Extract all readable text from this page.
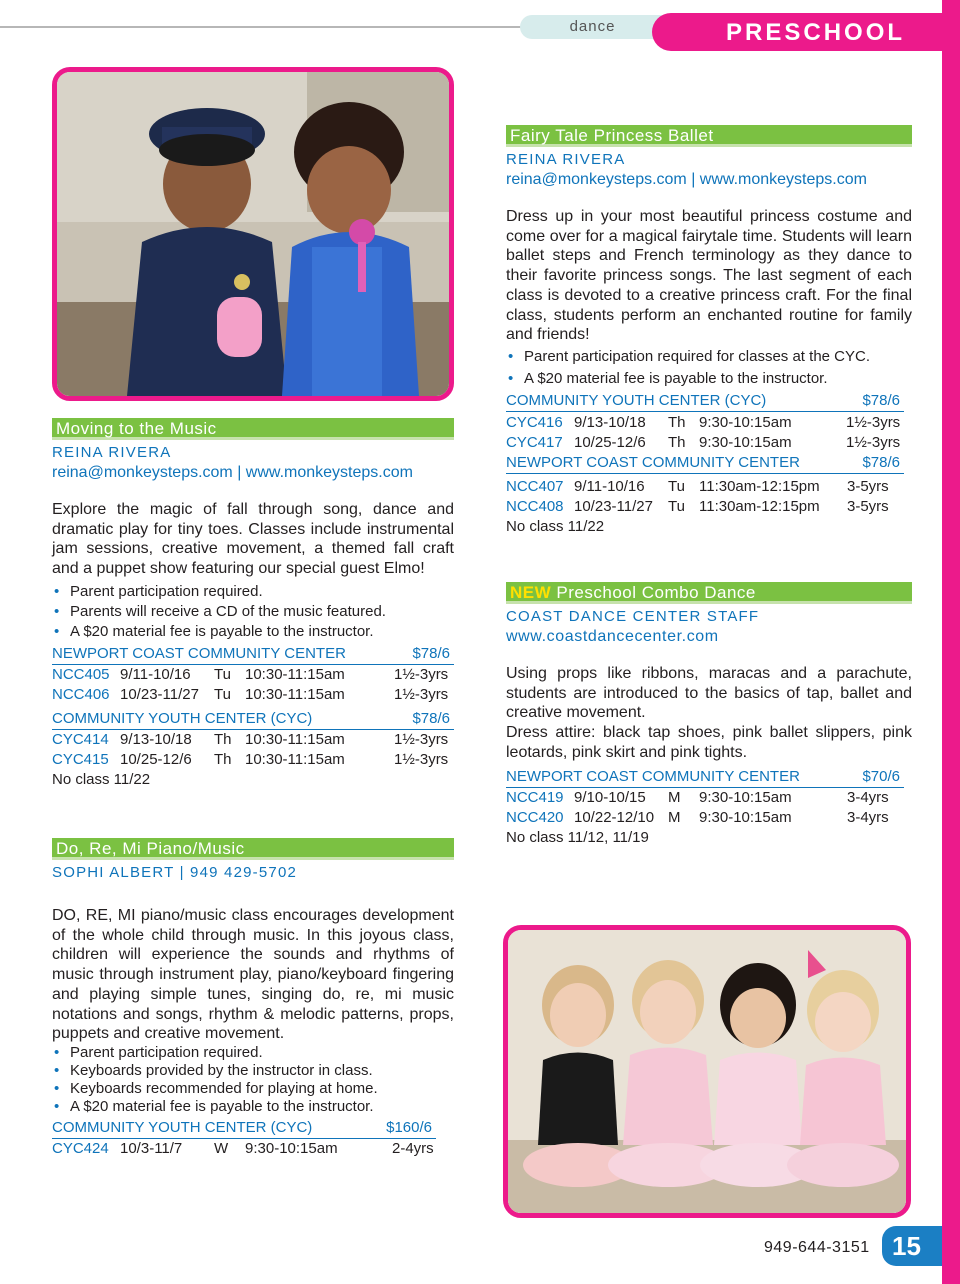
dance	PRESCHOOL
Moving to the Music
REINA RIVERA
reina@monkeysteps.com | www.monkeysteps.com

Explore the magic of fall through song, dance and dramatic play for tiny toes. Classes include instrumental jam sessions, creative movement, a themed fall craft and a puppet show featuring our special guest Elmo!

• Parent participation required.
• Parents will receive a CD of the music featured.
• A $20 material fee is payable to the instructor.
NEWPORT COAST COMMUNITY CENTER	$78/6
NCC405 9/11-10/16 Tu 10:30-11:15am	1½-3yrs
NCC406 10/23-11/27 Tu 10:30-11:15am	1½-3yrs
COMMUNITY YOUTH CENTER (CYC)	$78/6
CYC414 9/13-10/18 Th 10:30-11:15am	1½-3yrs
CYC415 10/25-12/6 Th 10:30-11:15am	1½-3yrs
No class 11/22
Do, Re, Mi Piano/Music
SOPHI ALBERT | 949 429-5702

DO, RE, MI piano/music class encourages development of the whole child through music. In this joyous class, children will experience the sounds and rhythms of music through instrument play, piano/keyboard fingering and playing simple tunes, singing do, re, mi music notations and songs, rhythm & melodic patterns, props, puppets and creative movement.

• Parent participation required.
• Keyboards provided by the instructor in class.
• Keyboards recommended for playing at home.
• A $20 material fee is payable to the instructor.
COMMUNITY YOUTH CENTER (CYC)	$160/6
CYC424 10/3-11/7 W 9:30-10:15am	2-4yrs
Fairy Tale Princess Ballet
REINA RIVERA
reina@monkeysteps.com | www.monkeysteps.com

Dress up in your most beautiful princess costume and come over for a magical fairytale time. Students will learn ballet steps and French terminology as they dance to their favorite princess songs. The last segment of each class is devoted to a creative princess craft. For the final class, students perform an enchanted routine for family and friends!

• Parent participation required for classes at the CYC.
• A $20 material fee is payable to the instructor.
COMMUNITY YOUTH CENTER (CYC)	$78/6
CYC416 9/13-10/18 Th 9:30-10:15am	1½-3yrs
CYC417 10/25-12/6 Th 9:30-10:15am	1½-3yrs
NEWPORT COAST COMMUNITY CENTER	$78/6
NCC407 9/11-10/16 Tu 11:30am-12:15pm 3-5yrs
NCC408 10/23-11/27 Tu 11:30am-12:15pm 3-5yrs
No class 11/22
NEW Preschool Combo Dance
COAST DANCE CENTER STAFF
www.coastdancecenter.com

Using props like ribbons, maracas and a parachute, students are introduced to the basics of tap, ballet and creative movement.

Dress attire: black tap shoes, pink ballet slippers, pink leotards, pink skirt and pink tights.

NEWPORT COAST COMMUNITY CENTER	$70/6
NCC419 9/10-10/15 M 9:30-10:15am	3-4yrs
NCC420 10/22-12/10 M 9:30-10:15am	3-4yrs
No class 11/12, 11/19
949-644-3151 15
